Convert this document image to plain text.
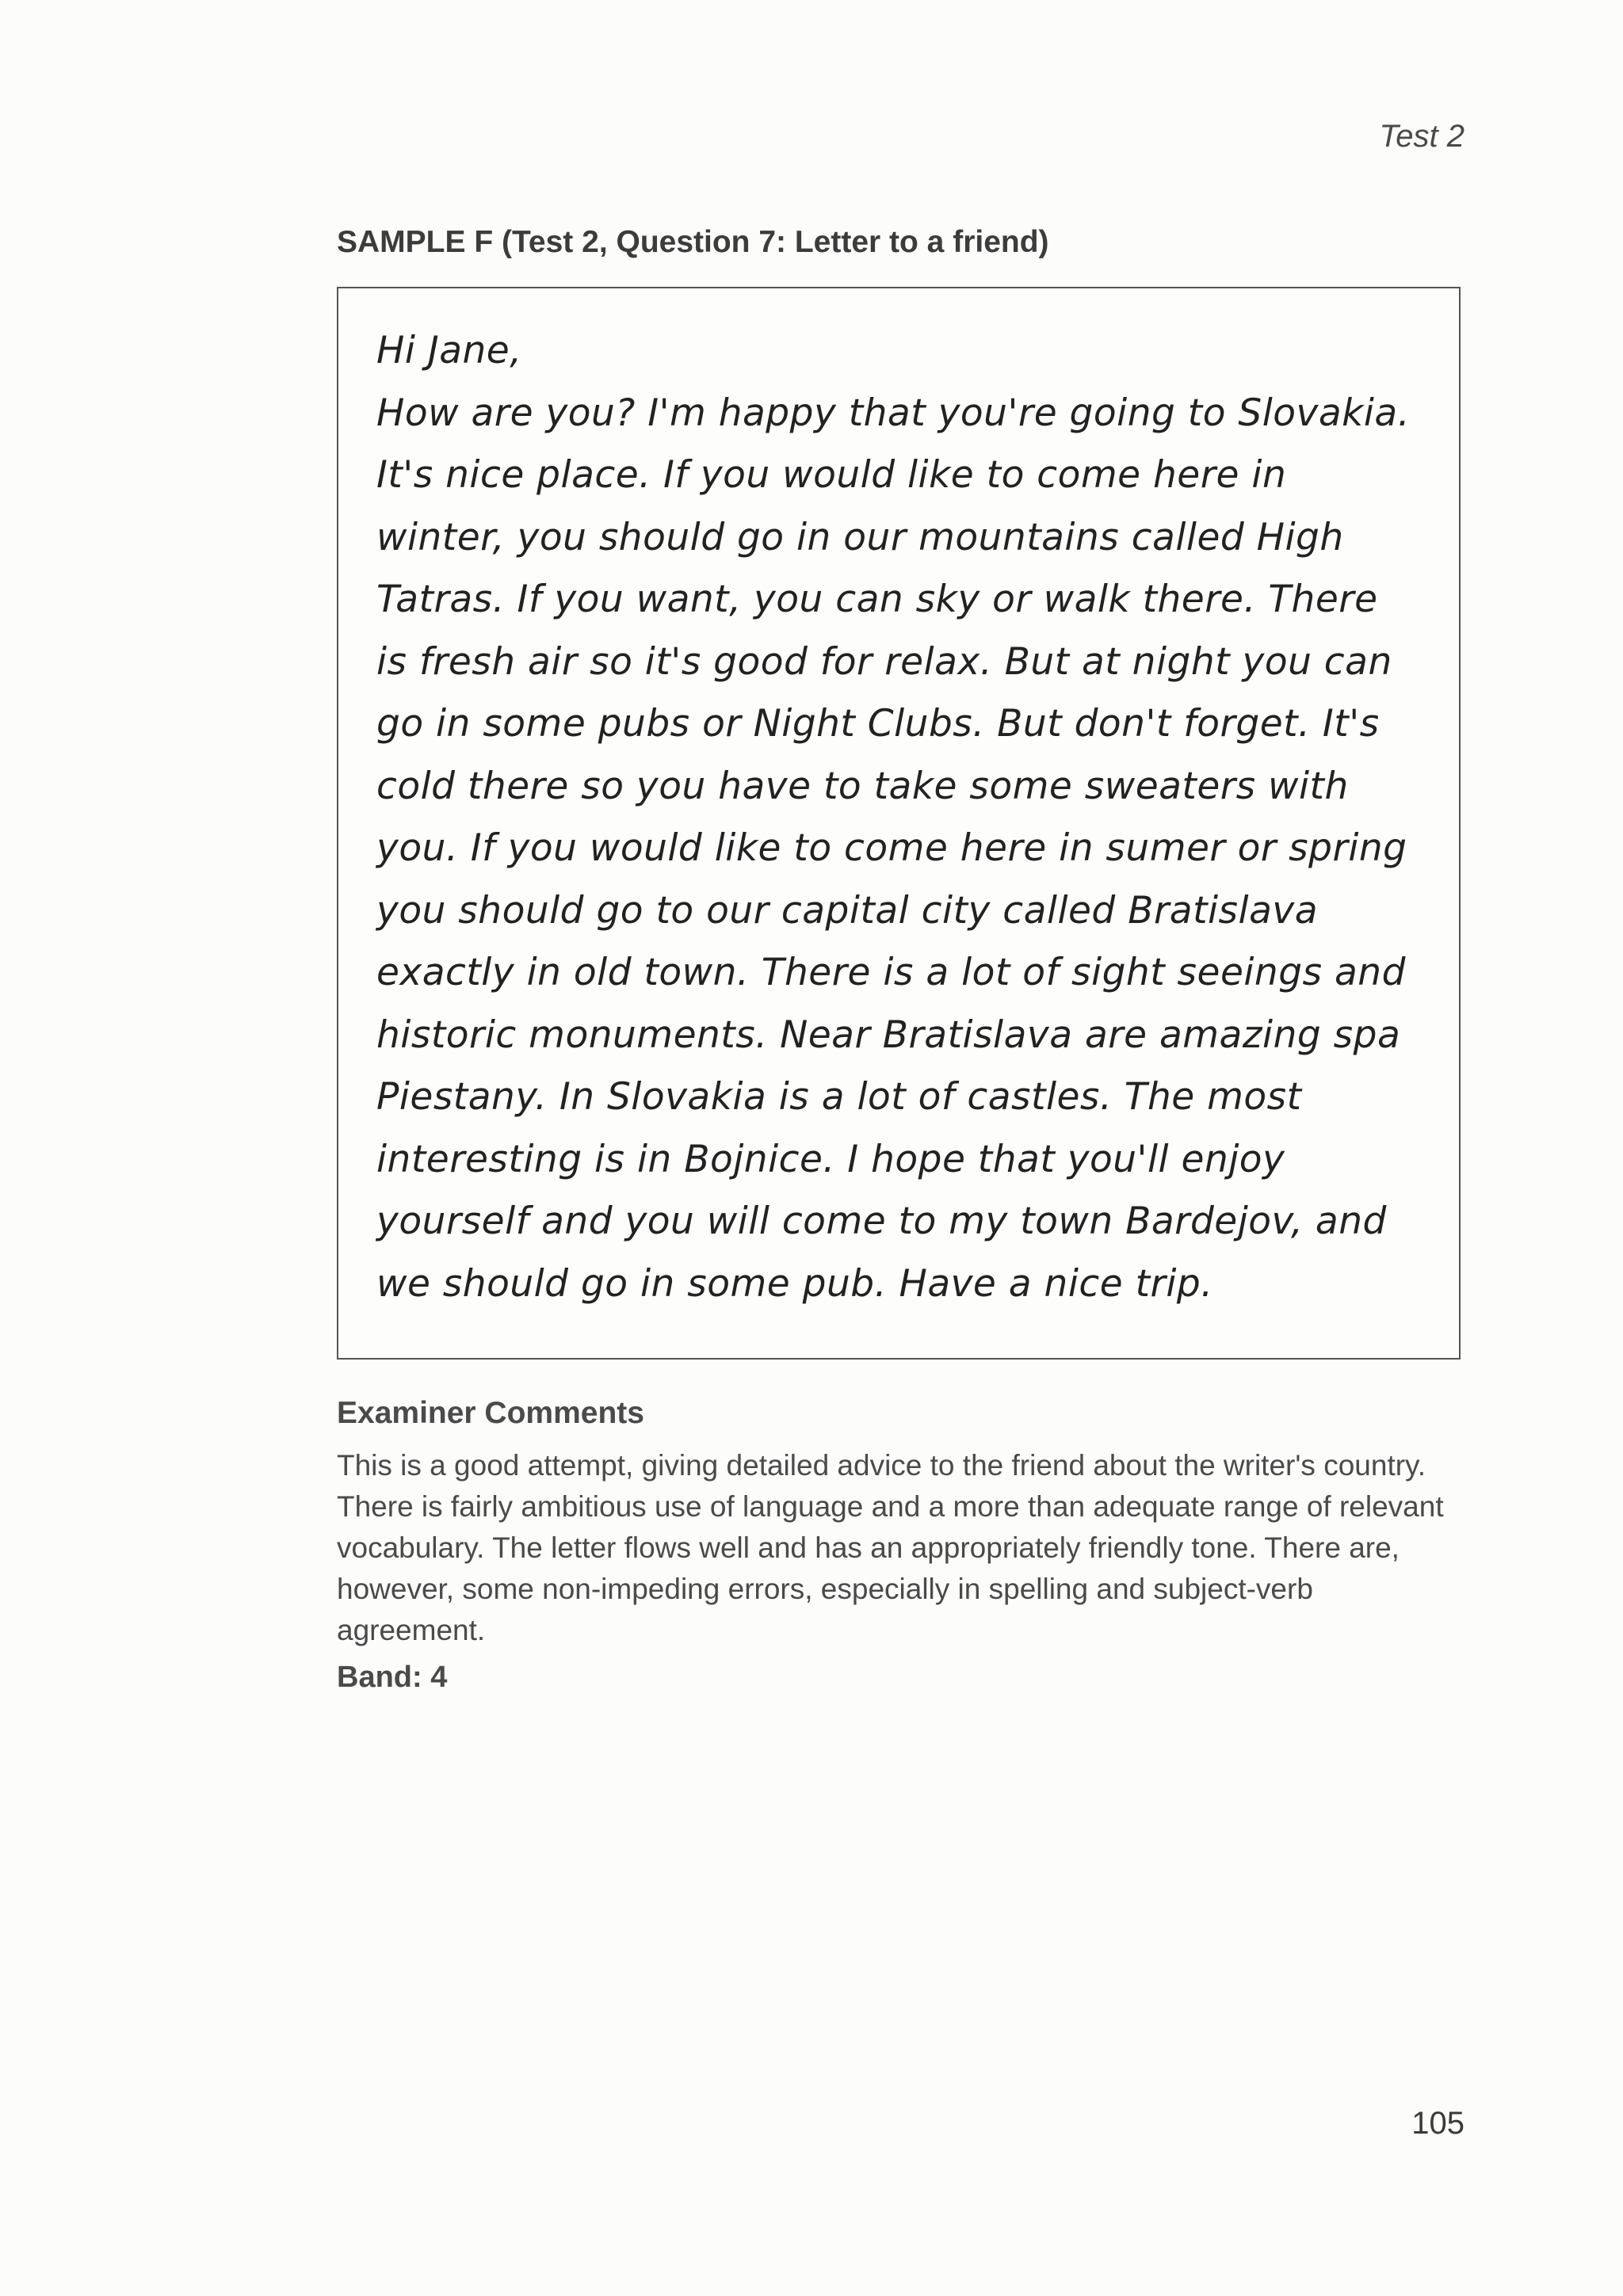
Test 2
SAMPLE F (Test 2, Question 7: Letter to a friend)
Hi Jane,
How are you? I'm happy that you're going to Slovakia.
It's nice place. If you would like to come here in
winter, you should go in our mountains called High
Tatras. If you want, you can sky or walk there. There
is fresh air so it's good for relax. But at night you can
go in some pubs or Night Clubs. But don't forget. It's
cold there so you have to take some sweaters with
you. If you would like to come here in sumer or spring
you should go to our capital city called Bratislava
exactly in old town. There is a lot of sight seeings and
historic monuments. Near Bratislava are amazing spa
Piestany. In Slovakia is a lot of castles. The most
interesting is in Bojnice. I hope that you'll enjoy
yourself and you will come to my town Bardejov, and
we should go in some pub. Have a nice trip.
Examiner Comments

This is a good attempt, giving detailed advice to the friend about the writer's country. There is fairly ambitious use of language and a more than adequate range of relevant vocabulary. The letter flows well and has an appropriately friendly tone. There are, however, some non-impeding errors, especially in spelling and subject-verb agreement.

Band: 4
105
